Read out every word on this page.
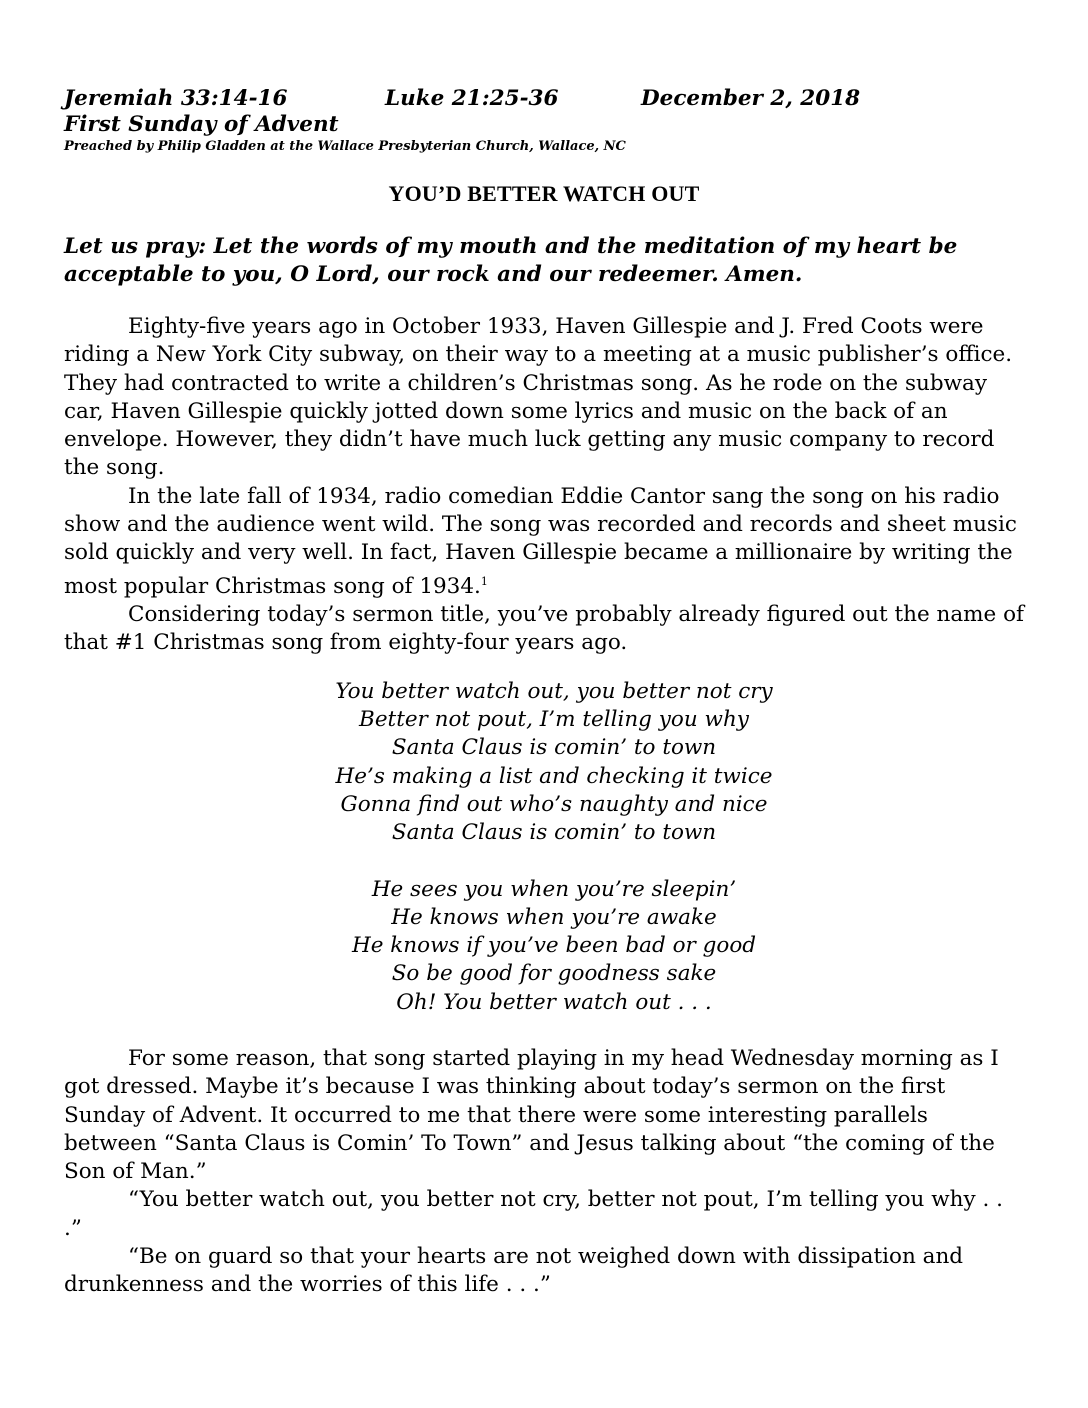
Jeremiah 33:14-16	Luke 21:25-36	December 2, 2018
First Sunday of Advent
Preached by Philip Gladden at the Wallace Presbyterian Church, Wallace, NC
YOU’D BETTER WATCH OUT
Let us pray: Let the words of my mouth and the meditation of my heart be acceptable to you, O Lord, our rock and our redeemer. Amen.

Eighty-five years ago in October 1933, Haven Gillespie and J. Fred Coots were riding a New York City subway, on their way to a meeting at a music publisher’s office. They had contracted to write a children’s Christmas song. As he rode on the subway car, Haven Gillespie quickly jotted down some lyrics and music on the back of an envelope. However, they didn’t have much luck getting any music company to record the song.

In the late fall of 1934, radio comedian Eddie Cantor sang the song on his radio show and the audience went wild. The song was recorded and records and sheet music sold quickly and very well. In fact, Haven Gillespie became a millionaire by writing the most popular Christmas song of 1934.$^1$

Considering today’s sermon title, you’ve probably already figured out the name of that #1 Christmas song from eighty-four years ago.

You better watch out, you better not cry
Better not pout, I’m telling you why
Santa Claus is comin’ to town
He’s making a list and checking it twice
Gonna find out who’s naughty and nice
Santa Claus is comin’ to town
He sees you when you’re sleepin’
He knows when you’re awake
He knows if you’ve been bad or good
So be good for goodness sake
Oh! You better watch out . . .

For some reason, that song started playing in my head Wednesday morning as I got dressed. Maybe it’s because I was thinking about today’s sermon on the first Sunday of Advent. It occurred to me that there were some interesting parallels between “Santa Claus is Comin’ To Town” and Jesus talking about “the coming of the Son of Man.”

“You better watch out, you better not cry, better not pout, I’m telling you why . . .”

“Be on guard so that your hearts are not weighed down with dissipation and drunkenness and the worries of this life . . .”
